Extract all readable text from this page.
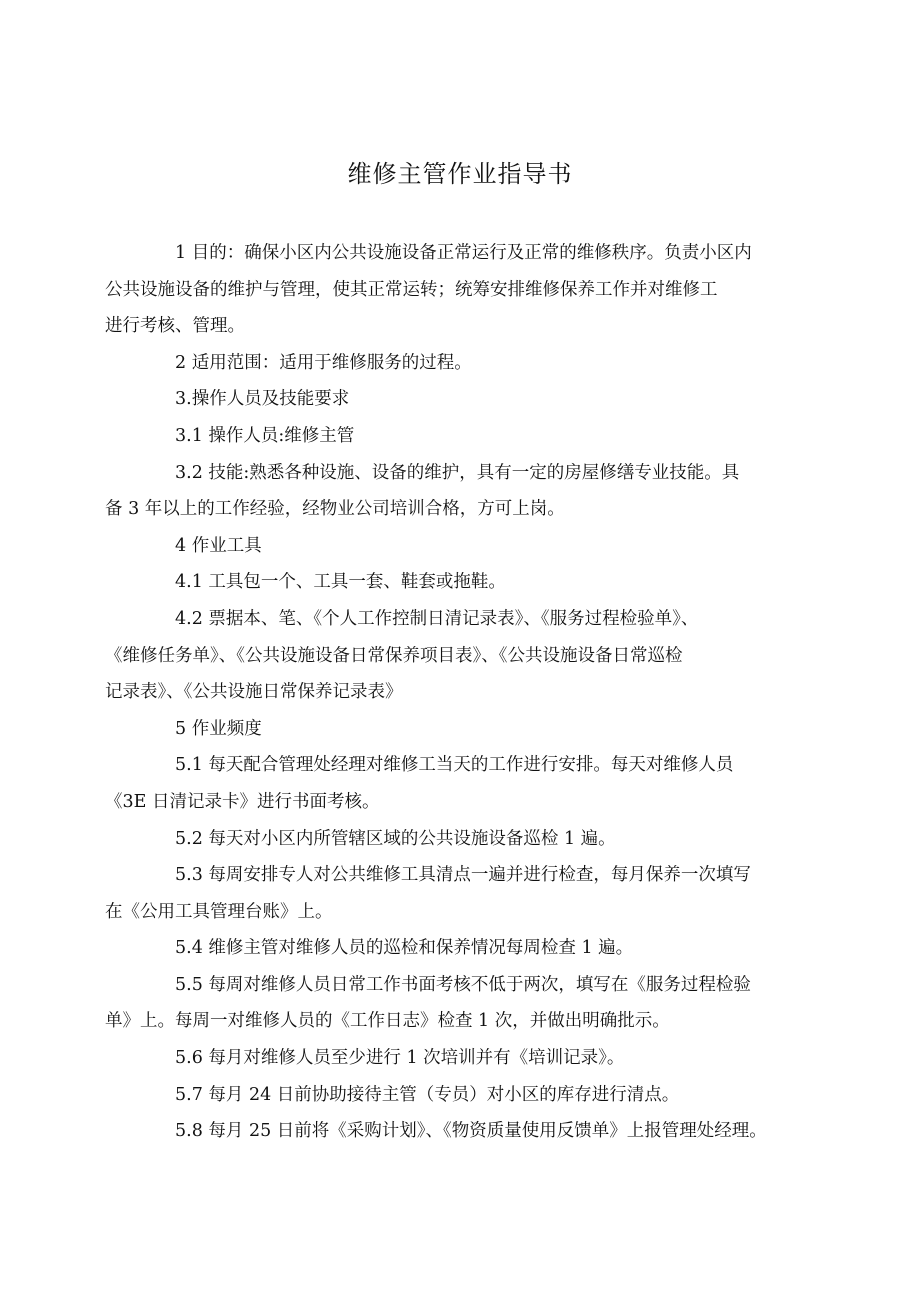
维修主管作业指导书

1 目的：确保小区内公共设施设备正常运行及正常的维修秩序。负责小区内
公共设施设备的维护与管理，使其正常运转；统筹安排维修保养工作并对维修工
进行考核、管理。

2 适用范围：适用于维修服务的过程。

3.操作人员及技能要求

3.1 操作人员:维修主管

3.2 技能:熟悉各种设施、设备的维护，具有一定的房屋修缮专业技能。具
备 3 年以上的工作经验，经物业公司培训合格，方可上岗。

4 作业工具

4.1 工具包一个、工具一套、鞋套或拖鞋。

4.2 票据本、笔、《个人工作控制日清记录表》、《服务过程检验单》、
《维修任务单》、《公共设施设备日常保养项目表》、《公共设施设备日常巡检
记录表》、《公共设施日常保养记录表》

5 作业频度

5.1 每天配合管理处经理对维修工当天的工作进行安排。每天对维修人员
《3E 日清记录卡》进行书面考核。

5.2 每天对小区内所管辖区域的公共设施设备巡检 1 遍。

5.3 每周安排专人对公共维修工具清点一遍并进行检查，每月保养一次填写
在《公用工具管理台账》上。

5.4 维修主管对维修人员的巡检和保养情况每周检查 1 遍。

5.5 每周对维修人员日常工作书面考核不低于两次，填写在《服务过程检验
单》上。每周一对维修人员的《工作日志》检查 1 次，并做出明确批示。

5.6 每月对维修人员至少进行 1 次培训并有《培训记录》。

5.7 每月 24 日前协助接待主管（专员）对小区的库存进行清点。

5.8 每月 25 日前将《采购计划》、《物资质量使用反馈单》上报管理处经理。
